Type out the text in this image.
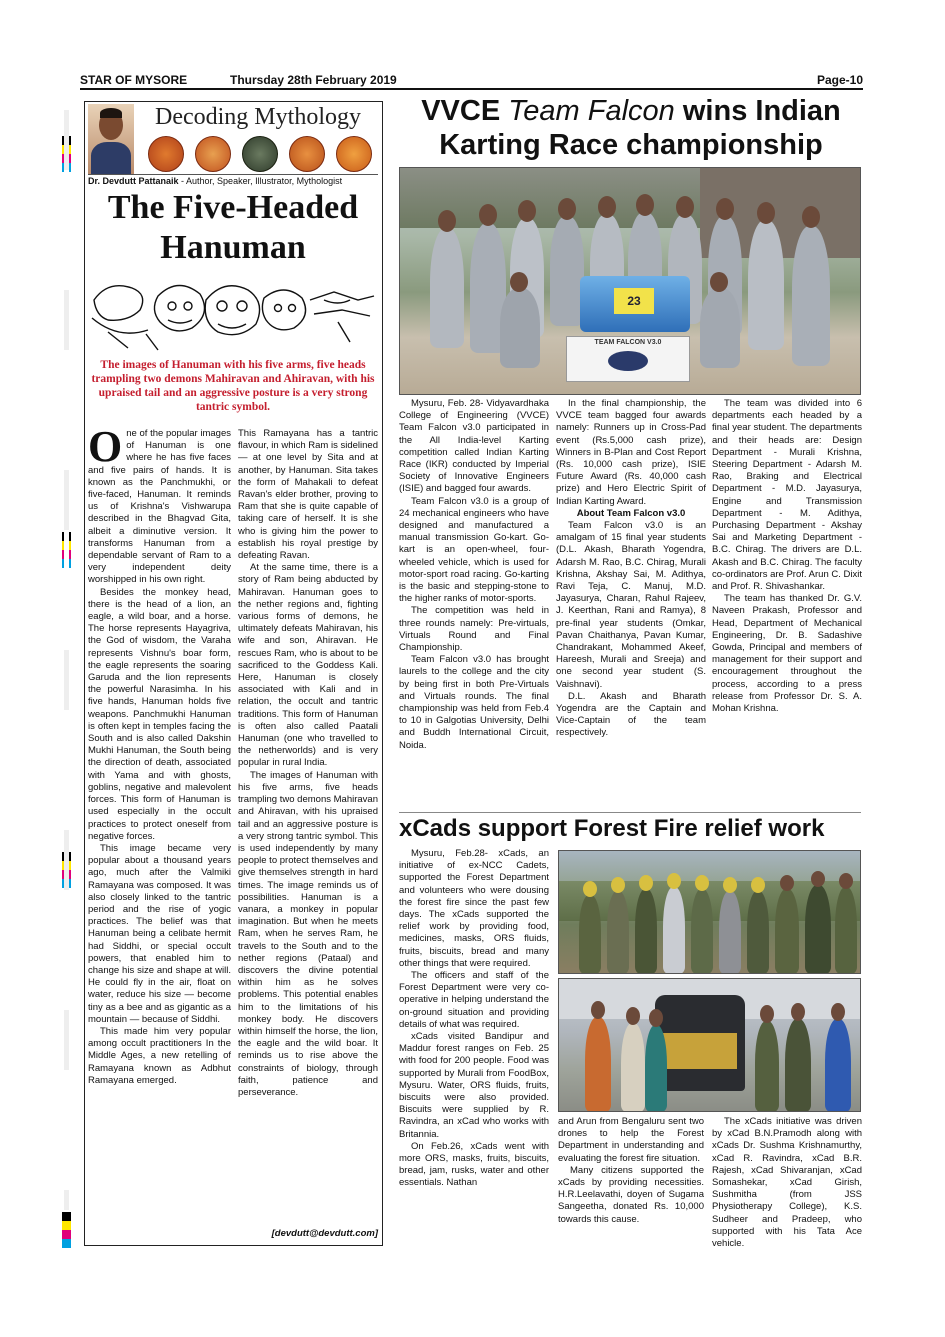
STAR OF MYSORE	Thursday 28th February 2019	Page-10
Decoding Mythology
Dr. Devdutt Pattanaik - Author, Speaker, Illustrator, Mythologist
The Five-Headed Hanuman
The images of Hanuman with his five arms, five heads trampling two demons Mahiravan and Ahiravan, with his upraised tail and an aggressive posture is a very strong tantric symbol.
O ne of the popular images of Hanuman is one where he has five faces and five pairs of hands. It is known as the Panchmukhi, or five-faced, Hanuman. It reminds us of Krishna's Vishwarupa described in the Bhagvad Gita, albeit a diminutive version. It transforms Hanuman from a dependable servant of Ram to a very independent deity worshipped in his own right.

Besides the monkey head, there is the head of a lion, an eagle, a wild boar, and a horse. The horse represents Hayagriva, the God of wisdom, the Varaha represents Vishnu's boar form, the eagle represents the soaring Garuda and the lion represents the powerful Narasimha. In his five hands, Hanuman holds five weapons. Panchmukhi Hanuman is often kept in temples facing the South and is also called Dakshin Mukhi Hanuman, the South being the direction of death, associated with Yama and with ghosts, goblins, negative and malevolent forces. This form of Hanuman is used especially in the occult practices to protect oneself from negative forces.

This image became very popular about a thousand years ago, much after the Valmiki Ramayana was composed. It was also closely linked to the tantric period and the rise of yogic practices. The belief was that Hanuman being a celibate hermit had Siddhi, or special occult powers, that enabled him to change his size and shape at will. He could fly in the air, float on water, reduce his size — become tiny as a bee and as gigantic as a mountain — because of Siddhi.

This made him very popular among occult practitioners In the Middle Ages, a new retelling of Ramayana known as Adbhut Ramayana emerged.

This Ramayana has a tantric flavour, in which Ram is sidelined — at one level by Sita and at another, by Hanuman. Sita takes the form of Mahakali to defeat Ravan's elder brother, proving to Ram that she is quite capable of taking care of herself. It is she who is giving him the power to establish his royal prestige by defeating Ravan.

At the same time, there is a story of Ram being abducted by Mahiravan. Hanuman goes to the nether regions and, fighting various forms of demons, he ultimately defeats Mahiravan, his wife and son, Ahiravan. He rescues Ram, who is about to be sacrificed to the Goddess Kali. Here, Hanuman is closely associated with Kali and in relation, the occult and tantric traditions. This form of Hanuman is often also called Paatali Hanuman (one who travelled to the netherworlds) and is very popular in rural India.

The images of Hanuman with his five arms, five heads trampling two demons Mahiravan and Ahiravan, with his upraised tail and an aggressive posture is a very strong tantric symbol. This is used independently by many people to protect themselves and give themselves strength in hard times. The image reminds us of possibilities. Hanuman is a vanara, a monkey in popular imagination. But when he meets Ram, when he serves Ram, he travels to the South and to the nether regions (Pataal) and discovers the divine potential within him as he solves problems. This potential enables him to the limitations of his monkey body. He discovers within himself the horse, the lion, the eagle and the wild boar. It reminds us to rise above the constraints of biology, through faith, patience and perseverance.

[devdutt@devdutt.com]
VVCE Team Falcon wins Indian Karting Race championship
23
TEAM FALCON V3.0

Mysuru, Feb. 28- Vidyavardhaka College of Engineering (VVCE) Team Falcon v3.0 participated in the All India-level Karting competition called Indian Karting Race (IKR) conducted by Imperial Society of Innovative Engineers (ISIE) and bagged four awards.

Team Falcon v3.0 is a group of 24 mechanical engineers who have designed and manufactured a manual transmission Go-kart. Go-kart is an open-wheel, four-wheeled vehicle, which is used for motor-sport road racing. Go-karting is the basic and stepping-stone to the higher ranks of motor-sports.

The competition was held in three rounds namely: Pre-virtuals, Virtuals Round and Final Championship.

Team Falcon v3.0 has brought laurels to the college and the city by being first in both Pre-Virtuals and Virtuals rounds. The final championship was held from Feb.4 to 10 in Galgotias University, Delhi and Buddh International Circuit, Noida.

In the final championship, the VVCE team bagged four awards namely: Runners up in Cross-Pad event (Rs.5,000 cash prize), Winners in B-Plan and Cost Report (Rs. 10,000 cash prize), ISIE Future Award (Rs. 40,000 cash prize) and Hero Electric Spirit of Indian Karting Award.

About Team Falcon v3.0

Team Falcon v3.0 is an amalgam of 15 final year students (D.L. Akash, Bharath Yogendra, Adarsh M. Rao, B.C. Chirag, Murali Krishna, Akshay Sai, M. Adithya, Ravi Teja, C. Manuj, M.D. Jayasurya, Charan, Rahul Rajeev, J. Keerthan, Rani and Ramya), 8 pre-final year students (Omkar, Pavan Chaithanya, Pavan Kumar, Chandrakant, Mohammed Akeef, Hareesh, Murali and Sreeja) and one second year student (S. Vaishnavi).

D.L. Akash and Bharath Yogendra are the Captain and Vice-Captain of the team respectively.

The team was divided into 6 departments each headed by a final year student. The departments and their heads are: Design Department - Murali Krishna, Steering Department - Adarsh M. Rao, Braking and Electrical Department - M.D. Jayasurya, Engine and Transmission Department - M. Adithya, Purchasing Department - Akshay Sai and Marketing Department - B.C. Chirag. The drivers are D.L. Akash and B.C. Chirag. The faculty co-ordinators are Prof. Arun C. Dixit and Prof. R. Shivashankar.

The team has thanked Dr. G.V. Naveen Prakash, Professor and Head, Department of Mechanical Engineering, Dr. B. Sadashive Gowda, Principal and members of management for their support and encouragement throughout the process, according to a press release from Professor Dr. S. A. Mohan Krishna.

xCads support Forest Fire relief work

Mysuru, Feb.28- xCads, an initiative of ex-NCC Cadets, supported the Forest Department and volunteers who were dousing the forest fire since the past few days. The xCads supported the relief work by providing food, medicines, masks, ORS fluids, fruits, biscuits, bread and many other things that were required.

The officers and staff of the Forest Department were very co-operative in helping understand the on-ground situation and providing details of what was required.

xCads visited Bandipur and Maddur forest ranges on Feb. 25 with food for 200 people. Food was supported by Murali from FoodBox, Mysuru. Water, ORS fluids, fruits, biscuits were also provided. Biscuits were supplied by R. Ravindra, an xCad who works with Britannia.

On Feb.26, xCads went with more ORS, masks, fruits, biscuits, bread, jam, rusks, water and other essentials. Nathan

and Arun from Bengaluru sent two drones to help the Forest Department in understanding and evaluating the forest fire situation.

Many citizens supported the xCads by providing necessities. H.R.Leelavathi, doyen of Sugama Sangeetha, donated Rs. 10,000 towards this cause.

The xCads initiative was driven by xCad B.N.Pramodh along with xCads Dr. Sushma Krishnamurthy, xCad R. Ravindra, xCad B.R. Rajesh, xCad Shivaranjan, xCad Somashekar, xCad Girish, Sushmitha (from JSS Physiotherapy College), K.S. Sudheer and Pradeep, who supported with his Tata Ace vehicle.
